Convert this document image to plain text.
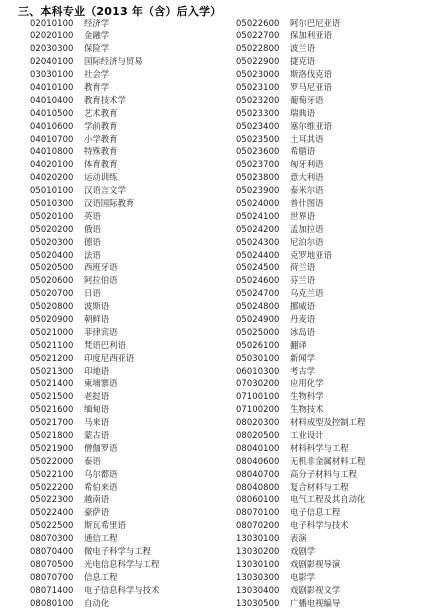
三、本科专业（2013 年（含）后入学）
02010100	经济学
02020100	金融学
02030300	保险学
02040100	国际经济与贸易
03030100	社会学
04010100	教育学
04010400	教育技术学
04010500	艺术教育
04010600	学前教育
04010700	小学教育
04010800	特殊教育
04020100	体育教育
04020200	运动训练
05010100	汉语言文学
05010300	汉语国际教育
05020100	英语
05020200	俄语
05020300	德语
05020400	法语
05020500	西班牙语
05020600	阿拉伯语
05020700	日语
05020800	波斯语
05020900	朝鲜语
05021000	菲律宾语
05021100	梵语巴利语
05021200	印度尼西亚语
05021300	印地语
05021400	柬埔寨语
05021500	老挝语
05021600	缅甸语
05021700	马来语
05021800	蒙古语
05021900	僧伽罗语
05022000	泰语
05022100	乌尔都语
05022200	希伯来语
05022300	越南语
05022400	豪萨语
05022500	斯瓦希里语
08070300	通信工程
08070400	微电子科学与工程
08070500	光电信息科学与工程
08070700	信息工程
08071400	电子信息科学与技术
08080100	自动化
05022600	阿尔巴尼亚语
05022700	保加利亚语
05022800	波兰语
05022900	捷克语
05023000	斯洛伐克语
05023100	罗马尼亚语
05023200	葡萄牙语
05023300	瑞典语
05023400	塞尔维亚语
05023500	土耳其语
05023600	希腊语
05023700	匈牙利语
05023800	意大利语
05023900	泰米尔语
05024000	普什图语
05024100	世界语
05024200	孟加拉语
05024300	尼泊尔语
05024400	克罗地亚语
05024500	荷兰语
05024600	芬兰语
05024700	乌克兰语
05024800	挪威语
05024900	丹麦语
05025000	冰岛语
05026100	翻译
05030100	新闻学
06010300	考古学
07030200	应用化学
07100100	生物科学
07100200	生物技术
08020300	材料成型及控制工程
08020500	工业设计
08040100	材料科学与工程
08040600	无机非金属材料工程
08040700	高分子材料与工程
08040800	复合材料与工程
08060100	电气工程及其自动化
08070100	电子信息工程
08070200	电子科学与技术
13030100	表演
13030200	戏剧学
13030100	戏剧影视导演
13030300	电影学
13030400	戏剧影视文学
13030500	广播电视编导
